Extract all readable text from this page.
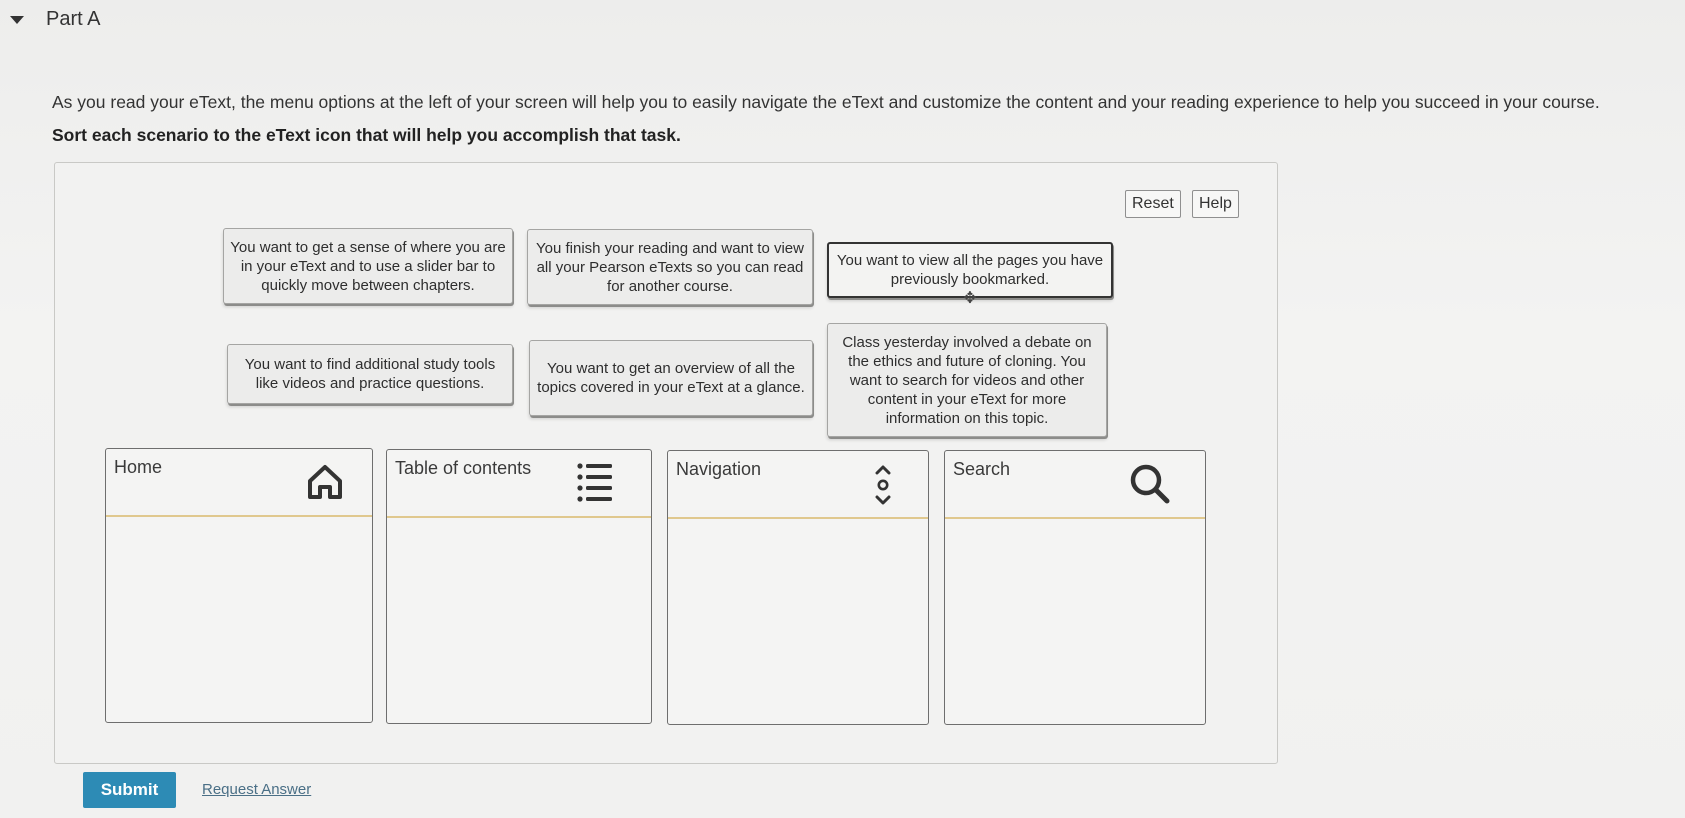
Part A
As you read your eText, the menu options at the left of your screen will help you to easily navigate the eText and customize the content and your reading experience to help you succeed in your course.
Sort each scenario to the eText icon that will help you accomplish that task.
Reset	Help
You want to get a sense of where you are in your eText and to use a slider bar to quickly move between chapters.
You finish your reading and want to view all your Pearson eTexts so you can read for another course.
You want to view all the pages you have previously bookmarked.
✥
You want to find additional study tools like videos and practice questions.
You want to get an overview of all the topics covered in your eText at a glance.
Class yesterday involved a debate on the ethics and future of cloning. You want to search for videos and other content in your eText for more information on this topic.
Home	Table of contents	Navigation	Search
Submit	Request Answer
